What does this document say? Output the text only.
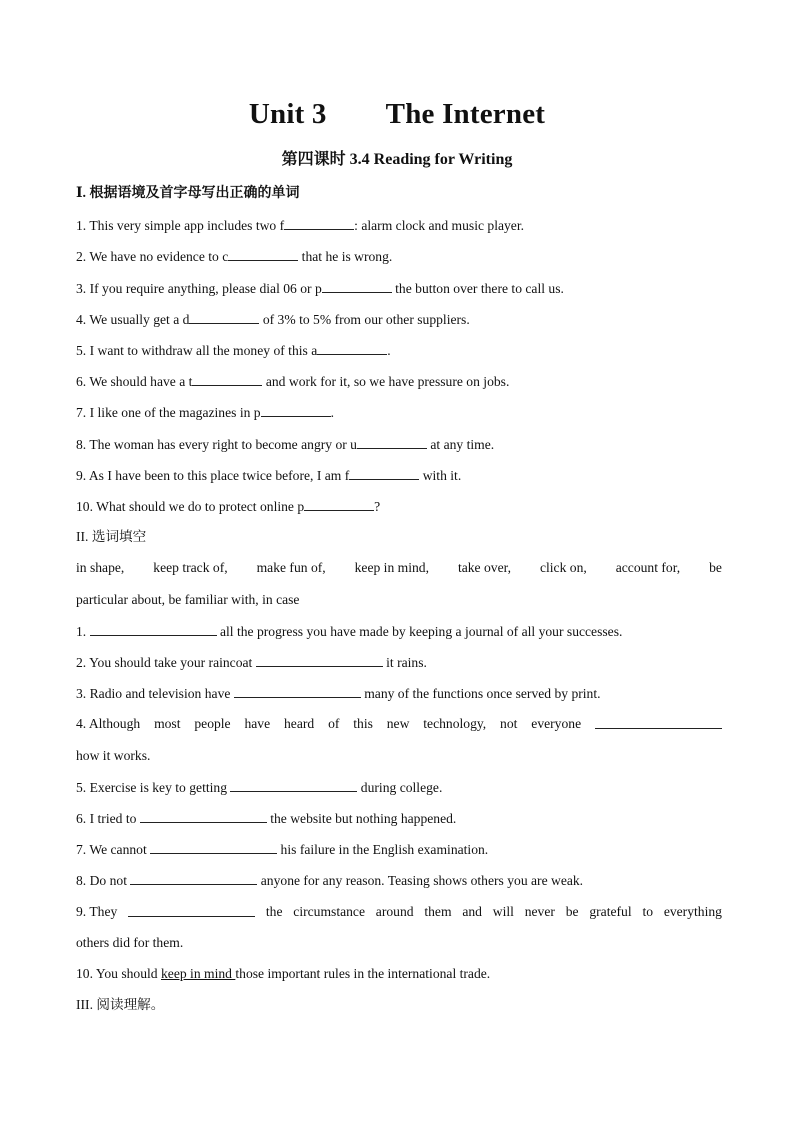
Unit 3        The Internet
第四课时 3.4 Reading for Writing
Ⅰ. 根据语境及首字母写出正确的单词
1. This very simple app includes two f	: alarm clock and music player.
2. We have no evidence to c	that he is wrong.
3. If you require anything, please dial 06 or p	the button over there to call us.
4. We usually get a d	of 3% to 5% from our other suppliers.
5. I want to withdraw all the money of this a	.
6. We should have a t	and work for it, so we have pressure on jobs.
7. I like one of the magazines in p	.
8. The woman has every right to become angry or u	at any time.
9. As I have been to this place twice before, I am f	with it.
10. What should we do to protect online p	?
II. 选词填空
in shape, keep track of, make fun of, keep in mind, take over, click on, account for, be
particular about, be familiar with, in case
1.	all the progress you have made by keeping a journal of all your successes.
2. You should take your raincoat	it rains.
3. Radio and television have	many of the functions once served by print.
4. Although most people have heard of this new technology, not everyone
how it works.
5. Exercise is key to getting	during college.
6. I tried to	the website but nothing happened.
7. We cannot	his failure in the English examination.
8. Do not	anyone for any reason. Teasing shows others you are weak.
9. They	the circumstance around them and will never be grateful to everything
others did for them.
10. You should keep in mind those important rules in the international trade.
III. 阅读理解。
